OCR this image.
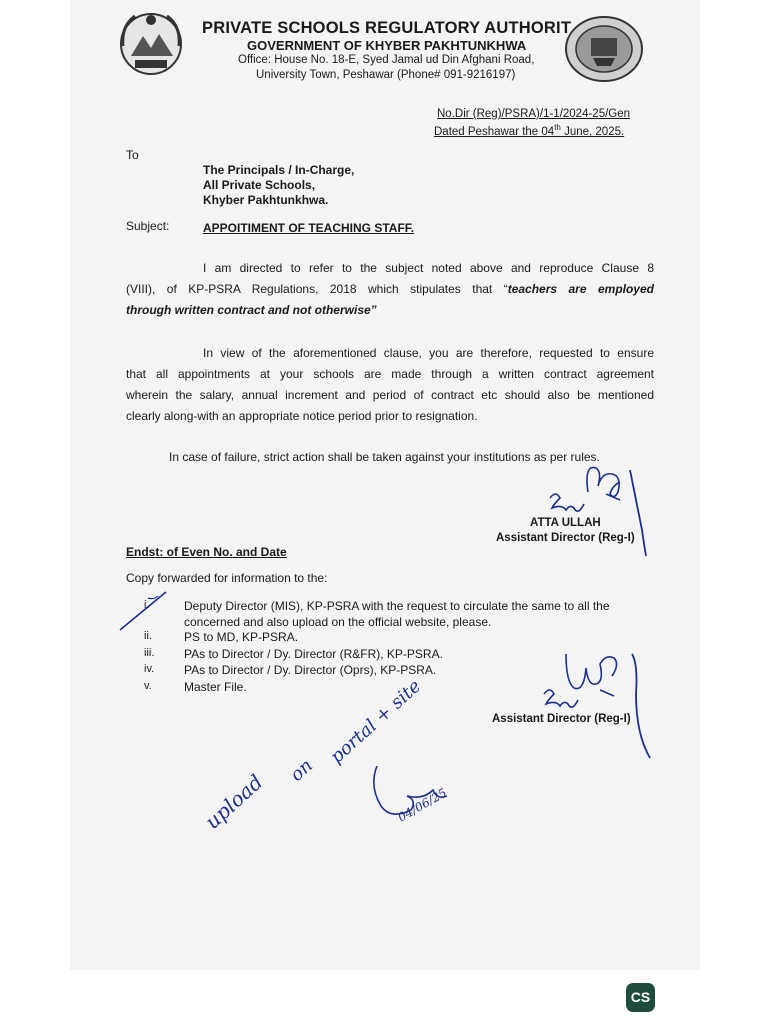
PRIVATE SCHOOLS REGULATORY AUTHORIT
GOVERNMENT OF KHYBER PAKHTUNKHWA
Office: House No. 18-E, Syed Jamal ud Din Afghani Road,
University Town, Peshawar (Phone# 091-9216197)
No.Dir (Reg)/PSRA)/1-1/2024-25/Gen
Dated Peshawar the 04th June, 2025.
To
The Principals / In-Charge,
All Private Schools,
Khyber Pakhtunkhwa.
Subject:	APPOITIMENT OF TEACHING STAFF.
I am directed to refer to the subject noted above and reproduce Clause 8
(VIII), of KP-PSRA Regulations, 2018 which stipulates that “teachers are employed
through written contract and not otherwise”
In view of the aforementioned clause, you are therefore, requested to ensure
that all appointments at your schools are made through a written contract agreement
wherein the salary, annual increment and period of contract etc should also be mentioned
clearly along-with an appropriate notice period prior to resignation.
In case of failure, strict action shall be taken against your institutions as per rules.
ATTA ULLAH
Assistant Director (Reg-I)
Endst: of Even No. and Date
Copy forwarded for information to the:
i.	Deputy Director (MIS), KP-PSRA with the request to circulate the same to all the
concerned and also upload on the official website, please.
ii.	PS to MD, KP-PSRA.
iii. PAs to Director / Dy. Director (R&FR), KP-PSRA.
iv. PAs to Director / Dy. Director (Oprs), KP-PSRA.
v.	Master File.
Assistant Director (Reg-I)
upload on
portal + site
04/06/25
CS
